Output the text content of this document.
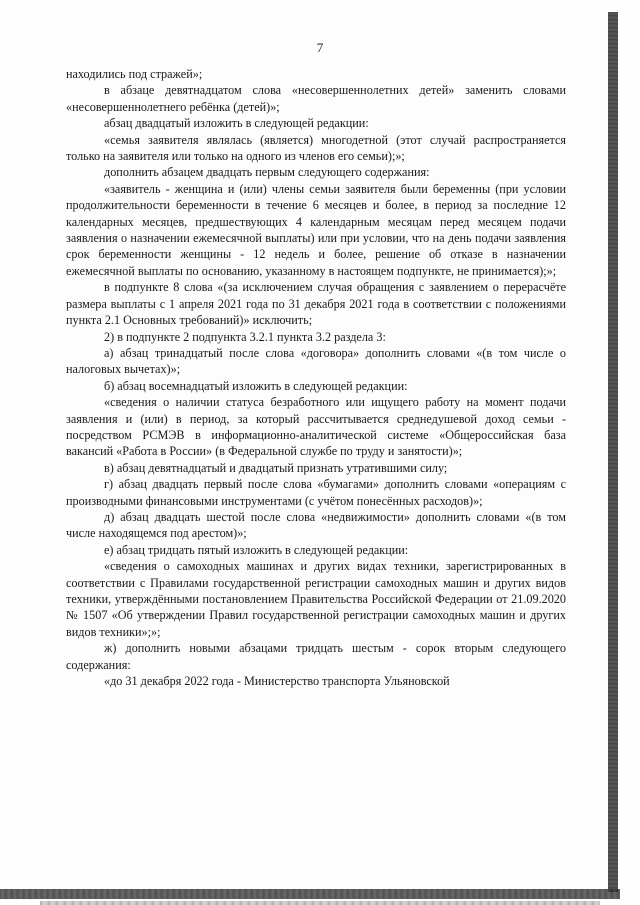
7

находились под стражей»;

в абзаце девятнадцатом слова «несовершеннолетних детей» заменить словами «несовершеннолетнего ребёнка (детей)»;

абзац двадцатый изложить в следующей редакции:

«семья заявителя являлась (является) многодетной (этот случай распространяется только на заявителя или только на одного из членов его семьи);»;

дополнить абзацем двадцать первым следующего содержания:

«заявитель - женщина и (или) члены семьи заявителя были беременны (при условии продолжительности беременности в течение 6 месяцев и более, в период за последние 12 календарных месяцев, предшествующих 4 календарным месяцам перед месяцем подачи заявления о назначении ежемесячной выплаты) или при условии, что на день подачи заявления срок беременности женщины - 12 недель и более, решение об отказе в назначении ежемесячной выплаты по основанию, указанному в настоящем подпункте, не принимается);»;

в подпункте 8 слова «(за исключением случая обращения с заявлением о перерасчёте размера выплаты с 1 апреля 2021 года по 31 декабря 2021 года в соответствии с положениями пункта 2.1 Основных требований)» исключить;

2) в подпункте 2 подпункта 3.2.1 пункта 3.2 раздела 3:

а) абзац тринадцатый после слова «договора» дополнить словами «(в том числе о налоговых вычетах)»;

б) абзац восемнадцатый изложить в следующей редакции:

«сведения о наличии статуса безработного или ищущего работу на момент подачи заявления и (или) в период, за который рассчитывается среднедушевой доход семьи - посредством РСМЭВ в информационно-аналитической системе «Общероссийская база вакансий «Работа в России» (в Федеральной службе по труду и занятости)»;

в) абзац девятнадцатый и двадцатый признать утратившими силу;

г) абзац двадцать первый после слова «бумагами» дополнить словами «операциям с производными финансовыми инструментами (с учётом понесённых расходов)»;

д) абзац двадцать шестой после слова «недвижимости» дополнить словами «(в том числе находящемся под арестом)»;

е) абзац тридцать пятый изложить в следующей редакции:

«сведения о самоходных машинах и других видах техники, зарегистрированных в соответствии с Правилами государственной регистрации самоходных машин и других видов техники, утверждёнными постановлением Правительства Российской Федерации от 21.09.2020 № 1507 «Об утверждении Правил государственной регистрации самоходных машин и других видов техники»;»;

ж) дополнить новыми абзацами тридцать шестым - сорок вторым следующего содержания:

«до 31 декабря 2022 года - Министерство транспорта Ульяновской
